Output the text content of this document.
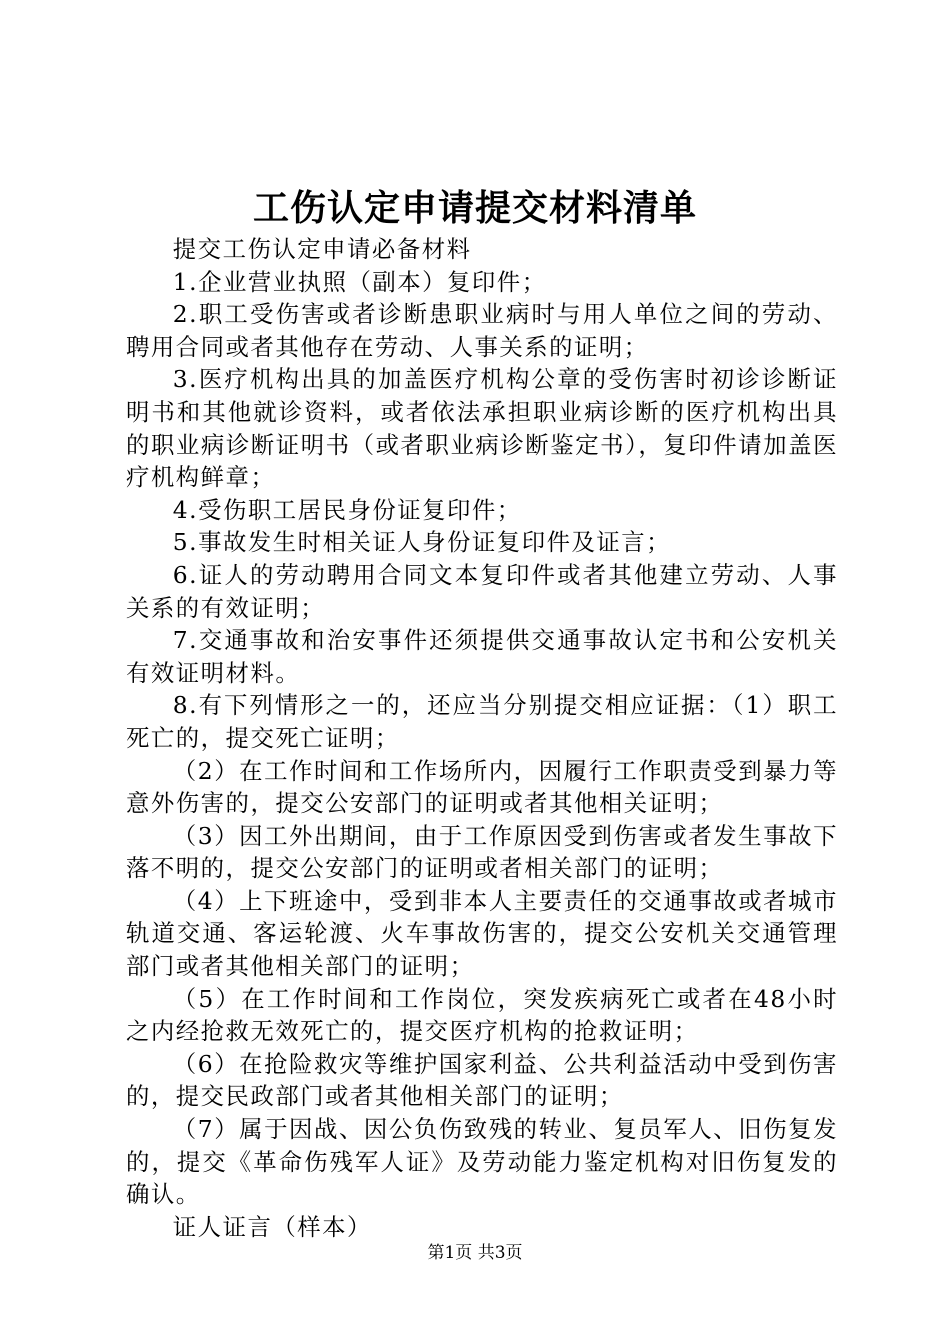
工伤认定申请提交材料清单

提交工伤认定申请必备材料

1.企业营业执照（副本）复印件；

2.职工受伤害或者诊断患职业病时与用人单位之间的劳动、聘用合同或者其他存在劳动、人事关系的证明；

3.医疗机构出具的加盖医疗机构公章的受伤害时初诊诊断证明书和其他就诊资料，或者依法承担职业病诊断的医疗机构出具的职业病诊断证明书（或者职业病诊断鉴定书），复印件请加盖医疗机构鲜章；

4.受伤职工居民身份证复印件；

5.事故发生时相关证人身份证复印件及证言；

6.证人的劳动聘用合同文本复印件或者其他建立劳动、人事关系的有效证明；

7.交通事故和治安事件还须提供交通事故认定书和公安机关有效证明材料。

8.有下列情形之一的，还应当分别提交相应证据：（1）职工死亡的，提交死亡证明；

（2）在工作时间和工作场所内，因履行工作职责受到暴力等意外伤害的，提交公安部门的证明或者其他相关证明；

（3）因工外出期间，由于工作原因受到伤害或者发生事故下落不明的，提交公安部门的证明或者相关部门的证明；

（4）上下班途中，受到非本人主要责任的交通事故或者城市轨道交通、客运轮渡、火车事故伤害的，提交公安机关交通管理部门或者其他相关部门的证明；

（5）在工作时间和工作岗位，突发疾病死亡或者在48小时之内经抢救无效死亡的，提交医疗机构的抢救证明；

（6）在抢险救灾等维护国家利益、公共利益活动中受到伤害的，提交民政部门或者其他相关部门的证明；

（7）属于因战、因公负伤致残的转业、复员军人、旧伤复发的，提交《革命伤残军人证》及劳动能力鉴定机构对旧伤复发的确认。

证人证言（样本）

第1页 共3页
